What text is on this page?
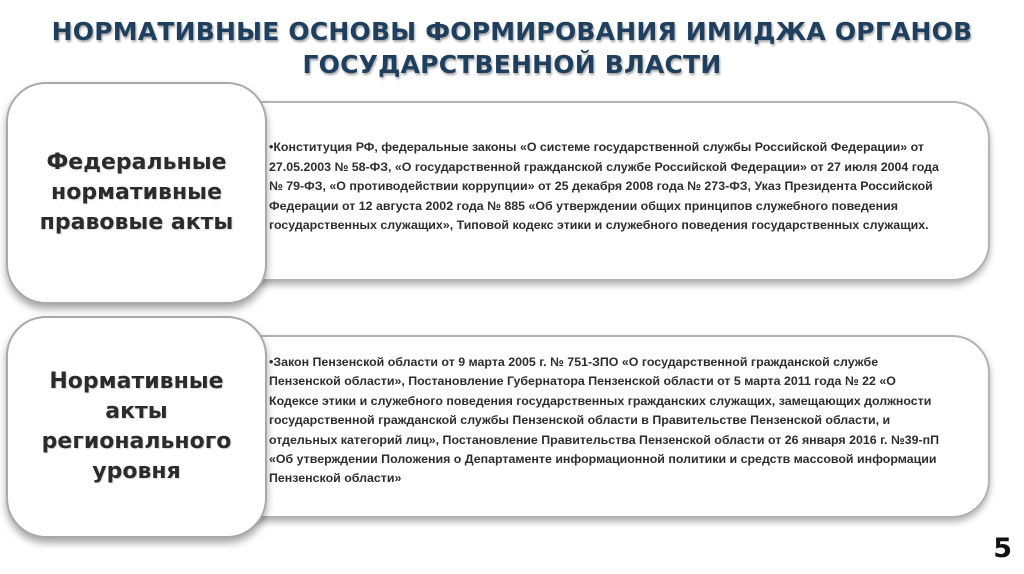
НОРМАТИВНЫЕ ОСНОВЫ ФОРМИРОВАНИЯ ИМИДЖА ОРГАНОВ
ГОСУДАРСТВЕННОЙ ВЛАСТИ
•Конституция РФ, федеральные законы «О системе государственной службы Российской Федерации» от 27.05.2003 № 58-ФЗ, «О государственной гражданской службе Российской Федерации» от 27 июля 2004 года № 79-ФЗ, «О противодействии коррупции» от 25 декабря 2008 года № 273-ФЗ, Указ Президента Российской Федерации от 12 августа 2002 года № 885 «Об утверждении общих принципов служебного поведения государственных служащих», Типовой кодекс этики и служебного поведения государственных служащих.
Федеральные
нормативные
правовые акты
•Закон Пензенской области от 9 марта 2005 г. № 751-ЗПО «О государственной гражданской службе Пензенской области», Постановление Губернатора Пензенской области от 5 марта 2011 года № 22 «О Кодексе этики и служебного поведения государственных гражданских служащих, замещающих должности государственной гражданской службы Пензенской области в Правительстве Пензенской области, и отдельных категорий лиц», Постановление Правительства Пензенской области от 26 января 2016 г. №39-пП «Об утверждении Положения о Департаменте информационной политики и средств массовой информации Пензенской области»
Нормативные
акты
регионального
уровня
5
